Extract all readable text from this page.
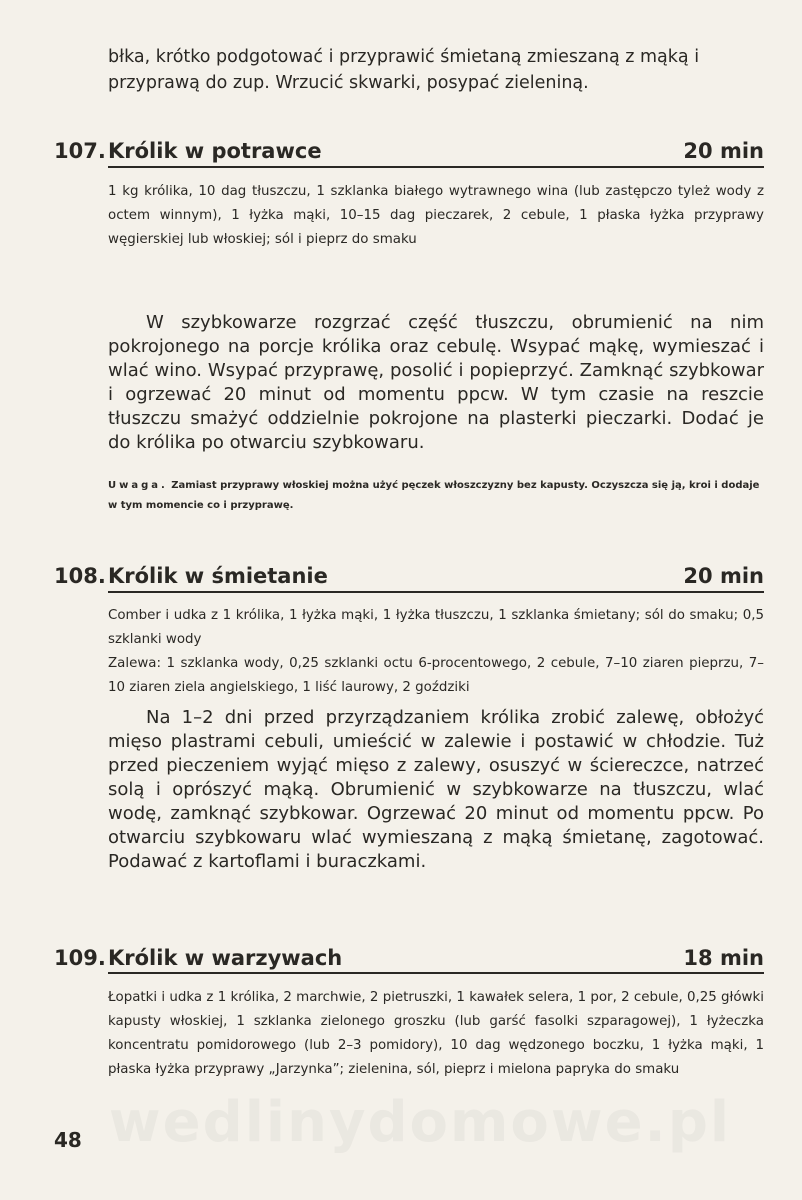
błka, krótko podgotować i przyprawić śmietaną zmieszaną z mąką i przyprawą do zup. Wrzucić skwarki, posypać zieleniną.
107. Królik w potrawce	20 min
1 kg królika, 10 dag tłuszczu, 1 szklanka białego wytrawnego wina (lub zastępczo tyleż wody z octem winnym), 1 łyżka mąki, 10–15 dag pieczarek, 2 cebule, 1 płaska łyżka przyprawy węgierskiej lub włoskiej; sól i pieprz do smaku

W szybkowarze rozgrzać część tłuszczu, obrumienić na nim pokrojonego na porcje królika oraz cebulę. Wsypać mąkę, wymieszać i wlać wino. Wsypać przyprawę, posolić i popieprzyć. Zamknąć szybkowar i ogrzewać 20 minut od momentu ppcw. W tym czasie na reszcie tłuszczu smażyć oddzielnie pokrojone na plasterki pieczarki. Dodać je do królika po otwarciu szybkowaru.

Uwaga. Zamiast przyprawy włoskiej można użyć pęczek włoszczyzny bez kapusty. Oczyszcza się ją, kroi i dodaje w tym momencie co i przyprawę.
108. Królik w śmietanie	20 min

Comber i udka z 1 królika, 1 łyżka mąki, 1 łyżka tłuszczu, 1 szklanka śmietany; sól do smaku; 0,5 szklanki wody

Zalewa: 1 szklanka wody, 0,25 szklanki octu 6-procentowego, 2 cebule, 7–10 ziaren pieprzu, 7–10 ziaren ziela angielskiego, 1 liść laurowy, 2 goździki

Na 1–2 dni przed przyrządzaniem królika zrobić zalewę, obłożyć mięso plastrami cebuli, umieścić w zalewie i postawić w chłodzie. Tuż przed pieczeniem wyjąć mięso z zalewy, osuszyć w ściereczce, natrzeć solą i oprószyć mąką. Obrumienić w szybkowarze na tłuszczu, wlać wodę, zamknąć szybkowar. Ogrzewać 20 minut od momentu ppcw. Po otwarciu szybkowaru wlać wymieszaną z mąką śmietanę, zagotować. Podawać z kartoflami i buraczkami.

109. Królik w warzywach	18 min
Łopatki i udka z 1 królika, 2 marchwie, 2 pietruszki, 1 kawałek selera, 1 por, 2 cebule, 0,25 główki kapusty włoskiej, 1 szklanka zielonego groszku (lub garść fasolki szparagowej), 1 łyżeczka koncentratu pomidorowego (lub 2–3 pomidory), 10 dag wędzonego boczku, 1 łyżka mąki, 1 płaska łyżka przyprawy „Jarzynka”; zielenina, sól, pieprz i mielona papryka do smaku
wedlinydomowe.pl
48
